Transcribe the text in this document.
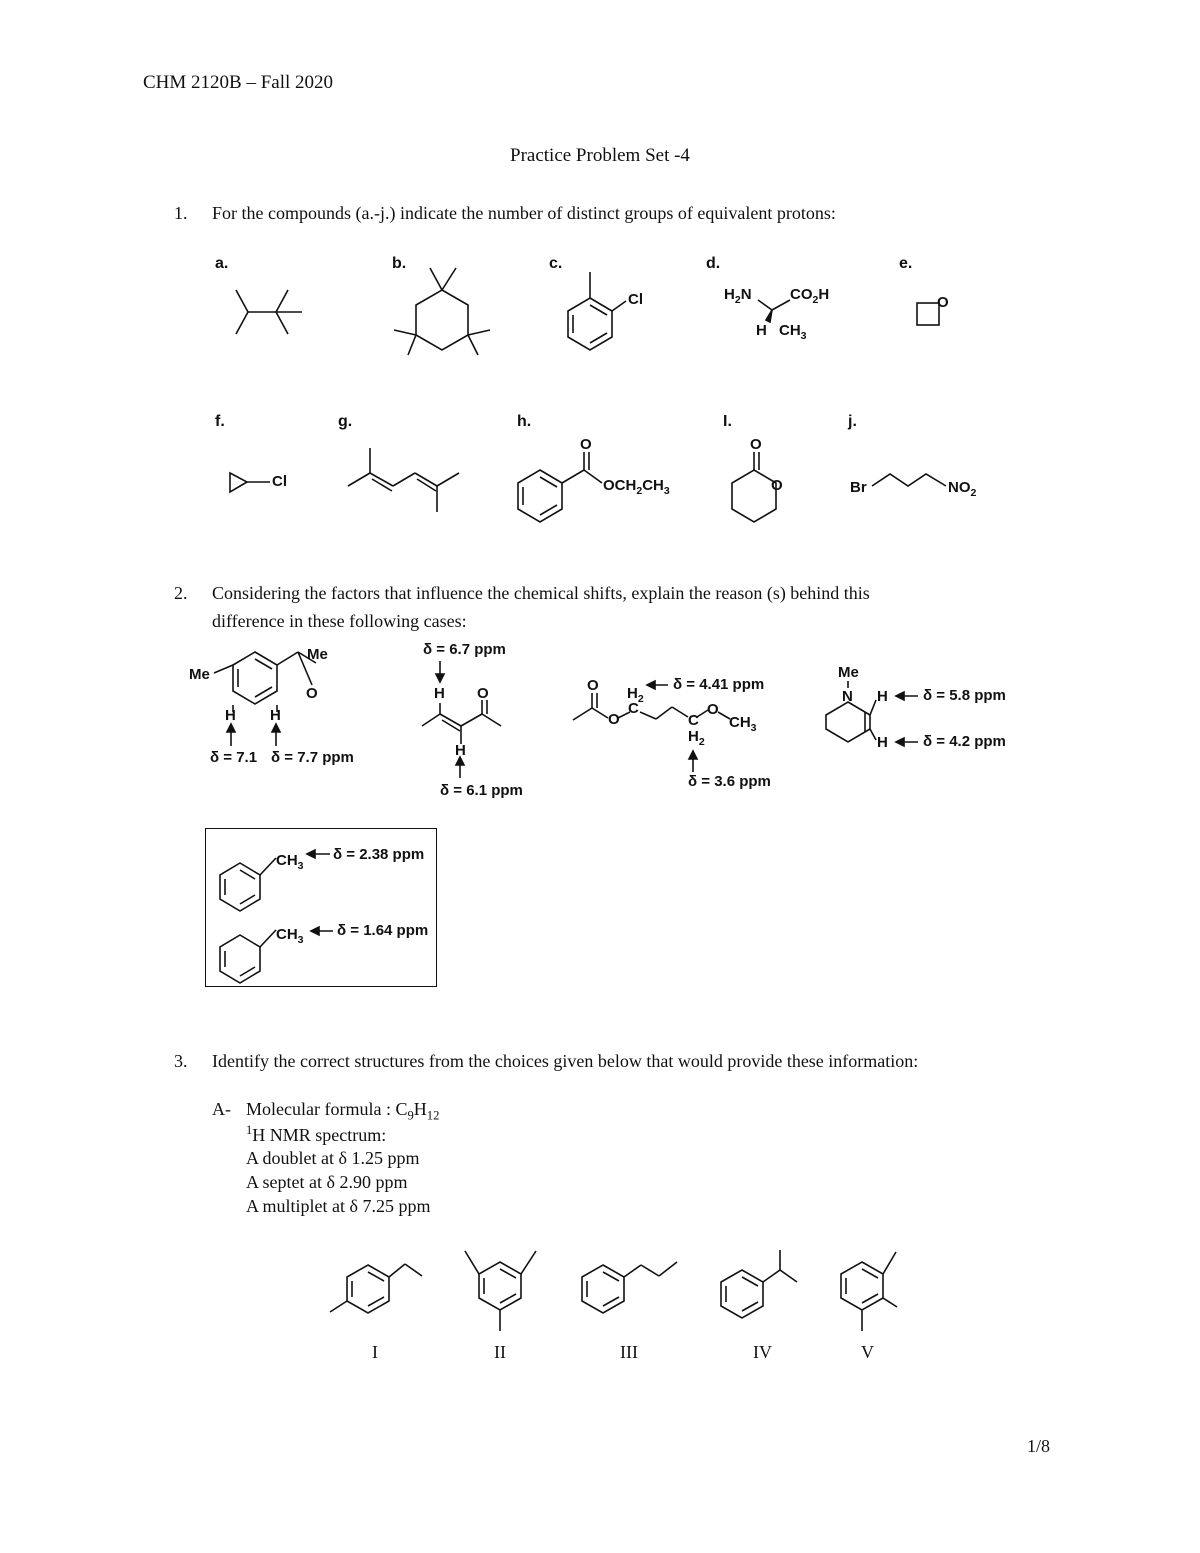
CHM 2120B – Fall 2020
Practice Problem Set -4
1. For the compounds (a.-j.) indicate the number of distinct groups of equivalent protons:
a.	b.	c.	d.	e.
f.	g.	h.	I.	j.
Cl	$H_2N$	$CO_2H$
H $CH_3$
O
Cl
O
$OCH_2CH_3$
O
O	Br	$NO_2$
2. Considering the factors that influence the chemical shifts, explain the reason (s) behind this
difference in these following cases:
Me
Me
O
H H
δ = 7.1 δ = 7.7 ppm
δ = 6.7 ppm
H O
H
δ = 6.1 ppm
O $H_2$
δ = 4.41 ppm
O
C
C
O
$CH_3$
$H_2$
δ = 3.6 ppm
Me
N H δ = 5.8 ppm
H δ = 4.2 ppm
$CH_3$
δ = 2.38 ppm
$CH_3$
δ = 1.64 ppm
3. Identify the correct structures from the choices given below that would provide these information:
A- Molecular formula : $C_9H_{12}$
$^1$H NMR spectrum:
A doublet at δ 1.25 ppm
A septet at δ 2.90 ppm
A multiplet at δ 7.25 ppm
I	II	III	IV	V
1/8
